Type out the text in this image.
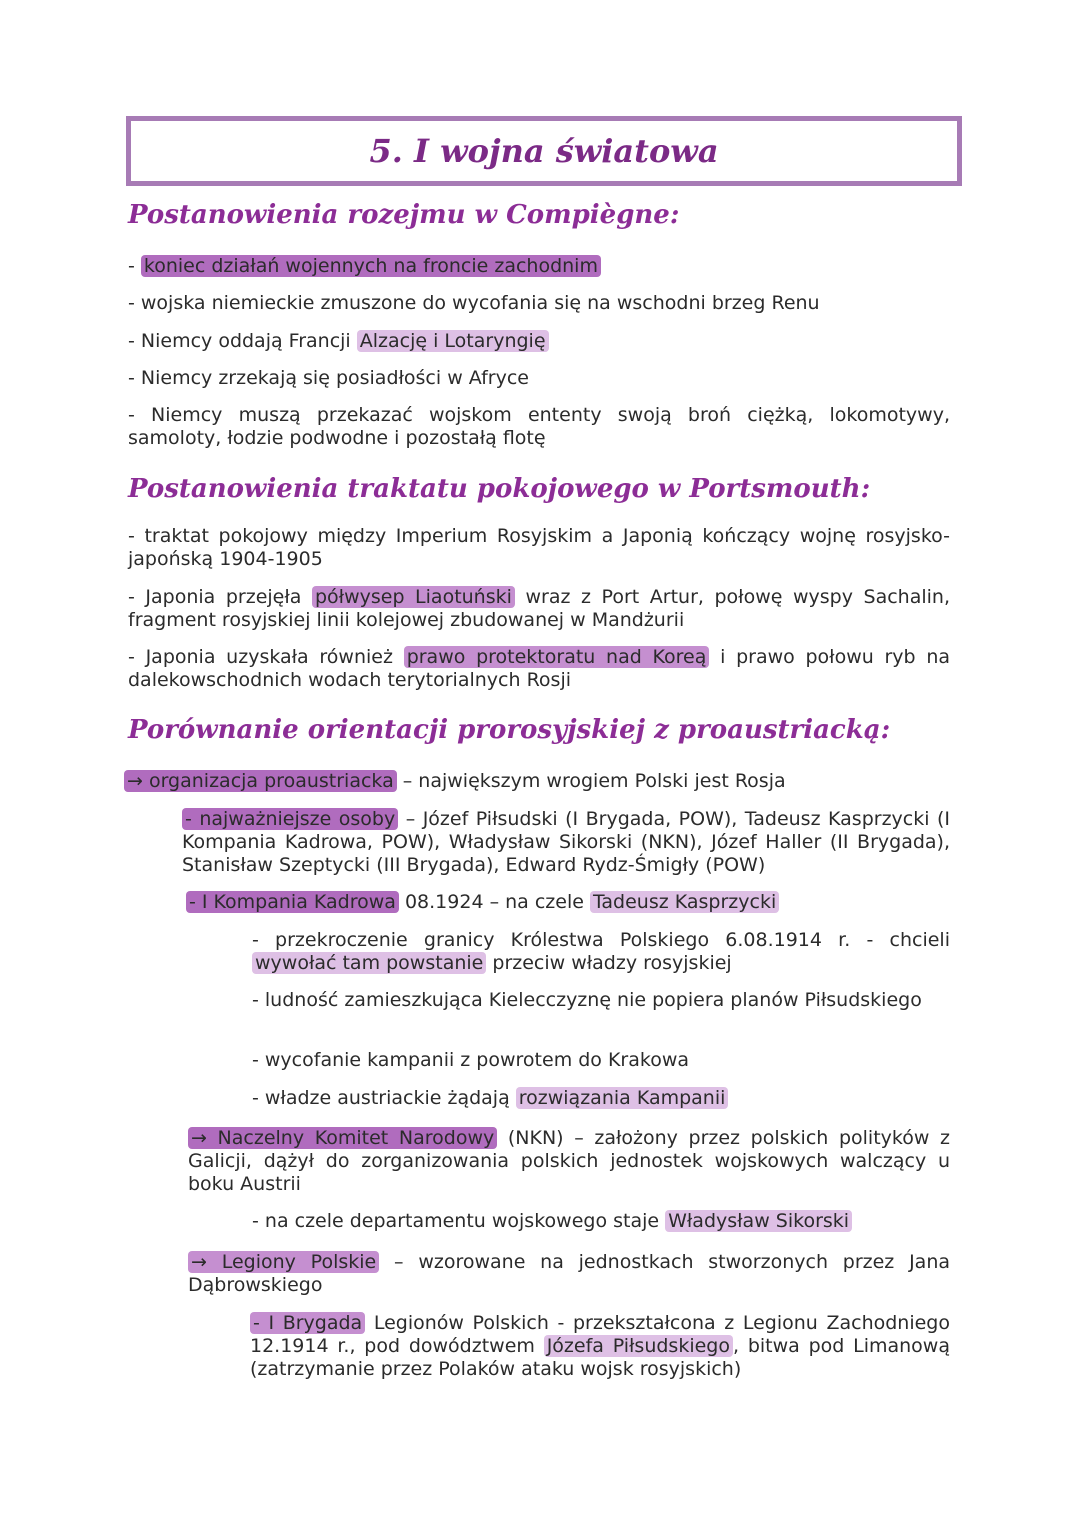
5. I wojna światowa
Postanowienia rozejmu w Compiègne:

- koniec działań wojennych na froncie zachodnim

- wojska niemieckie zmuszone do wycofania się na wschodni brzeg Renu

- Niemcy oddają Francji Alzację i Lotaryngię

- Niemcy zrzekają się posiadłości w Afryce

- Niemcy muszą przekazać wojskom ententy swoją broń ciężką, lokomotywy, samoloty, łodzie podwodne i pozostałą flotę

Postanowienia traktatu pokojowego w Portsmouth:

- traktat pokojowy między Imperium Rosyjskim a Japonią kończący wojnę rosyjsko-japońską 1904-1905

- Japonia przejęła półwysep Liaotuński wraz z Port Artur, połowę wyspy Sachalin, fragment rosyjskiej linii kolejowej zbudowanej w Mandżurii

- Japonia uzyskała również prawo protektoratu nad Koreą i prawo połowu ryb na dalekowschodnich wodach terytorialnych Rosji

Porównanie orientacji prorosyjskiej z proaustriacką:

→ organizacja proaustriacka – największym wrogiem Polski jest Rosja

- najważniejsze osoby – Józef Piłsudski (I Brygada, POW), Tadeusz Kasprzycki (I Kompania Kadrowa, POW), Władysław Sikorski (NKN), Józef Haller (II Brygada), Stanisław Szeptycki (III Brygada), Edward Rydz-Śmigły (POW)

- I Kompania Kadrowa 08.1924 – na czele Tadeusz Kasprzycki

- przekroczenie granicy Królestwa Polskiego 6.08.1914 r. - chcieli wywołać tam powstanie przeciw władzy rosyjskiej

- ludność zamieszkująca Kielecczyznę nie popiera planów Piłsudskiego

- wycofanie kampanii z powrotem do Krakowa

- władze austriackie żądają rozwiązania Kampanii

→ Naczelny Komitet Narodowy (NKN) – założony przez polskich polityków z Galicji, dążył do zorganizowania polskich jednostek wojskowych walczący u boku Austrii

- na czele departamentu wojskowego staje Władysław Sikorski

→ Legiony Polskie – wzorowane na jednostkach stworzonych przez Jana Dąbrowskiego

- I Brygada Legionów Polskich - przekształcona z Legionu Zachodniego 12.1914 r., pod dowództwem Józefa Piłsudskiego , bitwa pod Limanową (zatrzymanie przez Polaków ataku wojsk rosyjskich)
